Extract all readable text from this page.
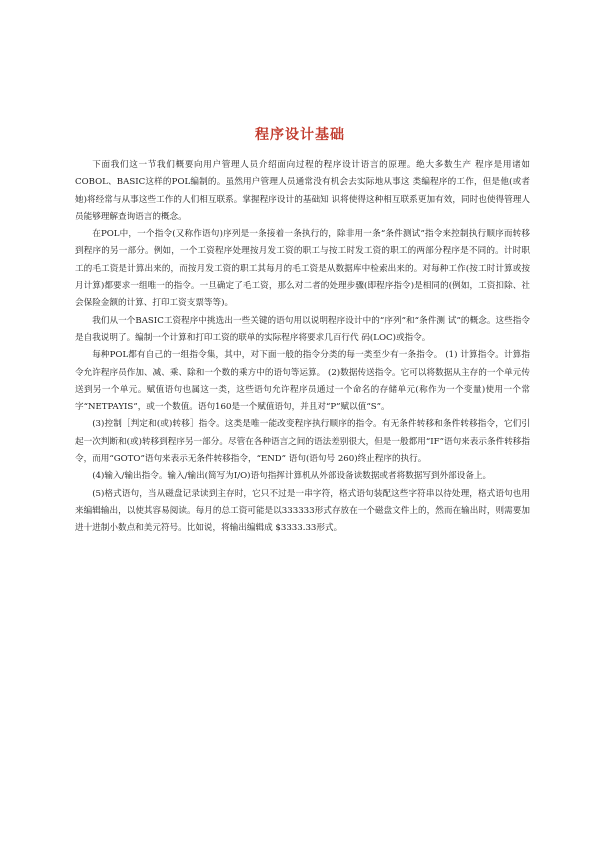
程序设计基础

下面我们这一节我们概要向用户管理人员介绍面向过程的程序设计语言的原理。绝大多数生产 程序是用诸如COBOL、BASIC这样的POL编制的。虽然用户管理人员通常没有机会去实际地从事这 类编程序的工作，但是他(或者她)将经常与从事这些工作的人们相互联系。掌握程序设计的基础知 识将使得这种相互联系更加有效，同时也使得管理人员能够理解查询语言的概念。

在POL中，一个指令(又称作语句)序列是一条接着一条执行的，除非用一条“条件测试”指令来控制执行顺序而转移到程序的另一部分。例如，一个工资程序处理按月发工资的职工与按工时发工资的职工的两部分程序是不同的。计时职工的毛工资是计算出来的，而按月发工资的职工其每月的毛工资是从数据库中检索出来的。对每种工作(按工时计算或按月计算)都要求一组唯一的指令。一旦确定了毛工资，那么对二者的处理步骤(即程序指令)是相同的(例如，工资扣除、社会保险金额的计算、打印工资支票等等)。

我们从一个BASIC工资程序中挑选出一些关键的语句用以说明程序设计中的“序列”和“条件测 试”的概念。这些指令是自我说明了。编制一个计算和打印工资的联单的实际程序将要求几百行代 码(LOC)或指令。

每种POL都有自己的一组指令集，其中，对下面一般的指令分类的每一类至少有一条指令。 (1) 计算指令。计算指令允许程序员作加、减、乘、除和一个数的乘方中的语句等运算。 (2)数据传送指令。它可以将数据从主存的一个单元传送到另一个单元。赋值语句也属这一类，这些语句允许程序员通过一个命名的存储单元(称作为一个变量)使用一个常字“NETPAYIS”，或一个数值。语句160是一个赋值语句，并且对“P”赋以值“S”。

(3)控制［判定和(或)转移］指令。这类是唯一能改变程序执行顺序的指令。有无条件转移和条件转移指令，它们引起一次判断和(或)转移到程序另一部分。尽管在各种语言之间的语法差别很大，但是一般都用“IF”语句来表示条件转移指令，而用“GOTO”语句来表示无条件转移指令，“END” 语句(语句号 260)终止程序的执行。

(4)输入/输出指令。输入/输出(简写为I/O)语句指挥计算机从外部设备读数据或者将数据写到外部设备上。

(5)格式语句，当从磁盘记录读到主存时，它只不过是一串字符，格式语句装配这些字符串以待处理，格式语句也用来编辑输出，以使其容易阅读。每月的总工资可能是以333333形式存放在一个磁盘文件上的，然而在输出时，则需要加进十进制小数点和美元符号。比如说，将输出编辑成 $3333.33形式。
